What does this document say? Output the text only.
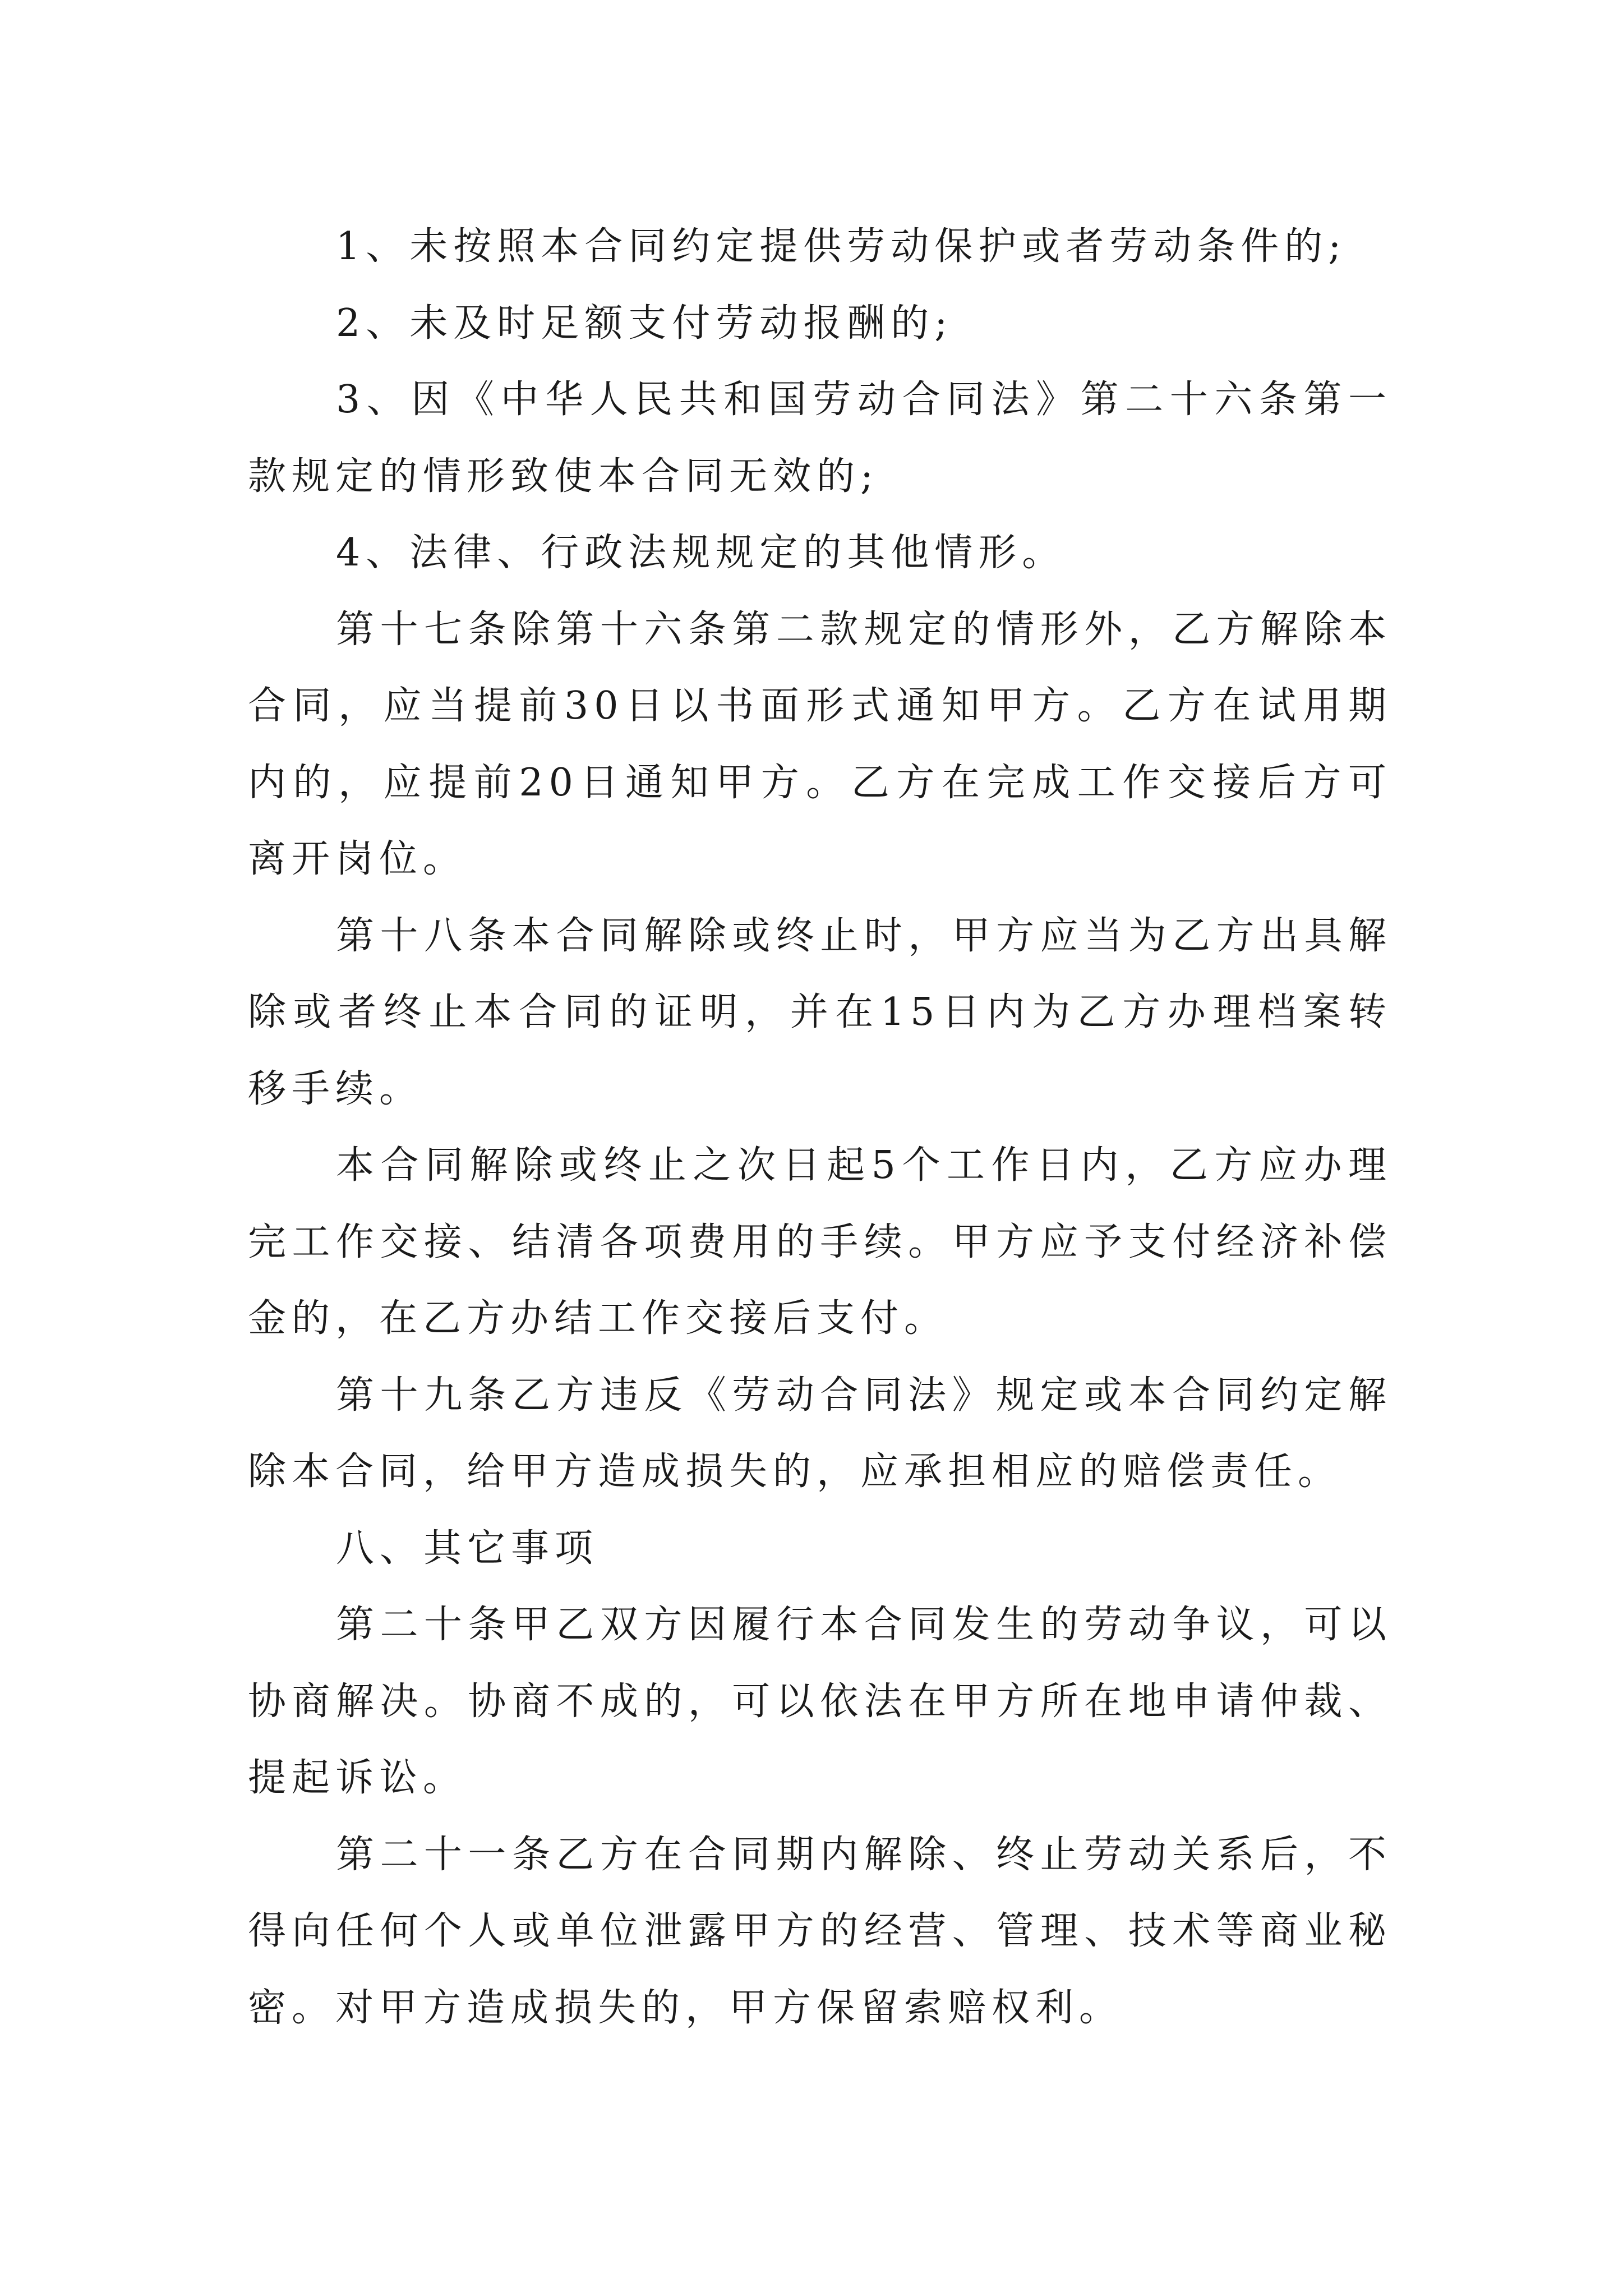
1、未按照本合同约定提供劳动保护或者劳动条件的;

2、未及时足额支付劳动报酬的;

3、因《中华人民共和国劳动合同法》第二十六条第一款规定的情形致使本合同无效的;

4、法律、行政法规规定的其他情形。

第十七条除第十六条第二款规定的情形外，乙方解除本合同，应当提前30日以书面形式通知甲方。乙方在试用期内的，应提前20日通知甲方。乙方在完成工作交接后方可离开岗位。

第十八条本合同解除或终止时，甲方应当为乙方出具解除或者终止本合同的证明，并在15日内为乙方办理档案转移手续。

本合同解除或终止之次日起5个工作日内，乙方应办理完工作交接、结清各项费用的手续。甲方应予支付经济补偿金的，在乙方办结工作交接后支付。

第十九条乙方违反《劳动合同法》规定或本合同约定解除本合同，给甲方造成损失的，应承担相应的赔偿责任。

八、其它事项

第二十条甲乙双方因履行本合同发生的劳动争议，可以协商解决。协商不成的，可以依法在甲方所在地申请仲裁、提起诉讼。

第二十一条乙方在合同期内解除、终止劳动关系后，不得向任何个人或单位泄露甲方的经营、管理、技术等商业秘密。对甲方造成损失的，甲方保留索赔权利。
